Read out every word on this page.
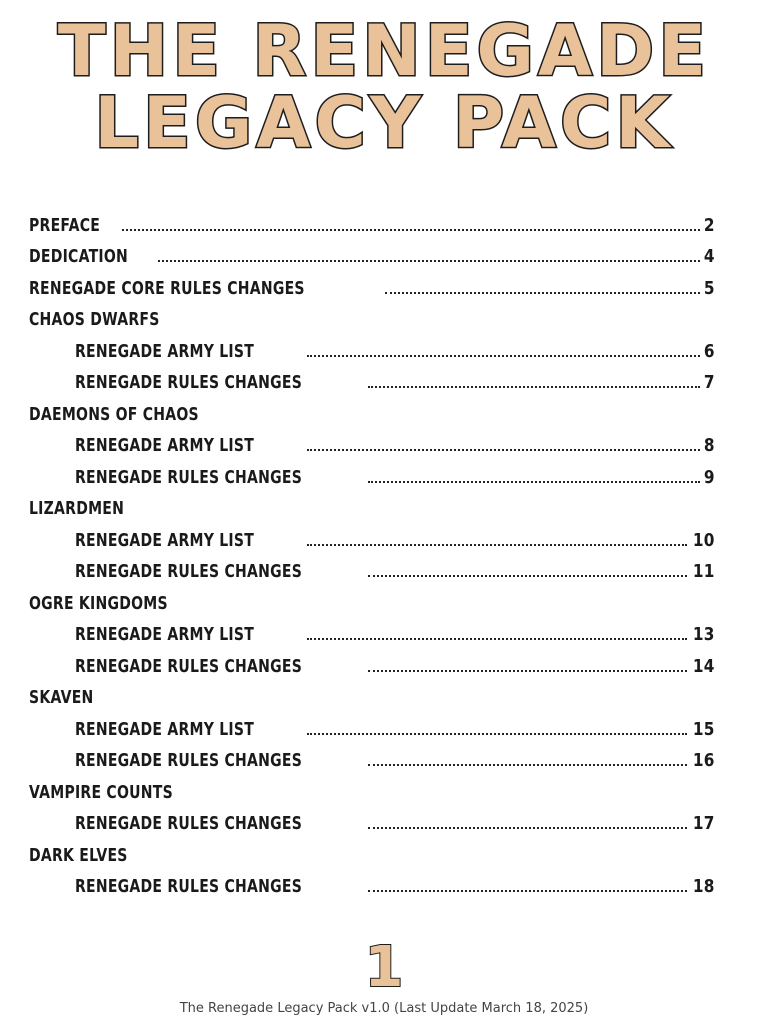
THE RENEGADE
LEGACY PACK
PREFACE	2
DEDICATION	4
RENEGADE CORE RULES CHANGES	5
CHAOS DWARFS
RENEGADE ARMY LIST	6
RENEGADE RULES CHANGES	7
DAEMONS OF CHAOS
RENEGADE ARMY LIST	8
RENEGADE RULES CHANGES	9
LIZARDMEN
RENEGADE ARMY LIST	10
RENEGADE RULES CHANGES	11
OGRE KINGDOMS
RENEGADE ARMY LIST	13
RENEGADE RULES CHANGES	14
SKAVEN
RENEGADE ARMY LIST	15
RENEGADE RULES CHANGES	16
VAMPIRE COUNTS
RENEGADE RULES CHANGES	17
DARK ELVES
RENEGADE RULES CHANGES	18
1
The Renegade Legacy Pack v1.0 (Last Update March 18, 2025)
